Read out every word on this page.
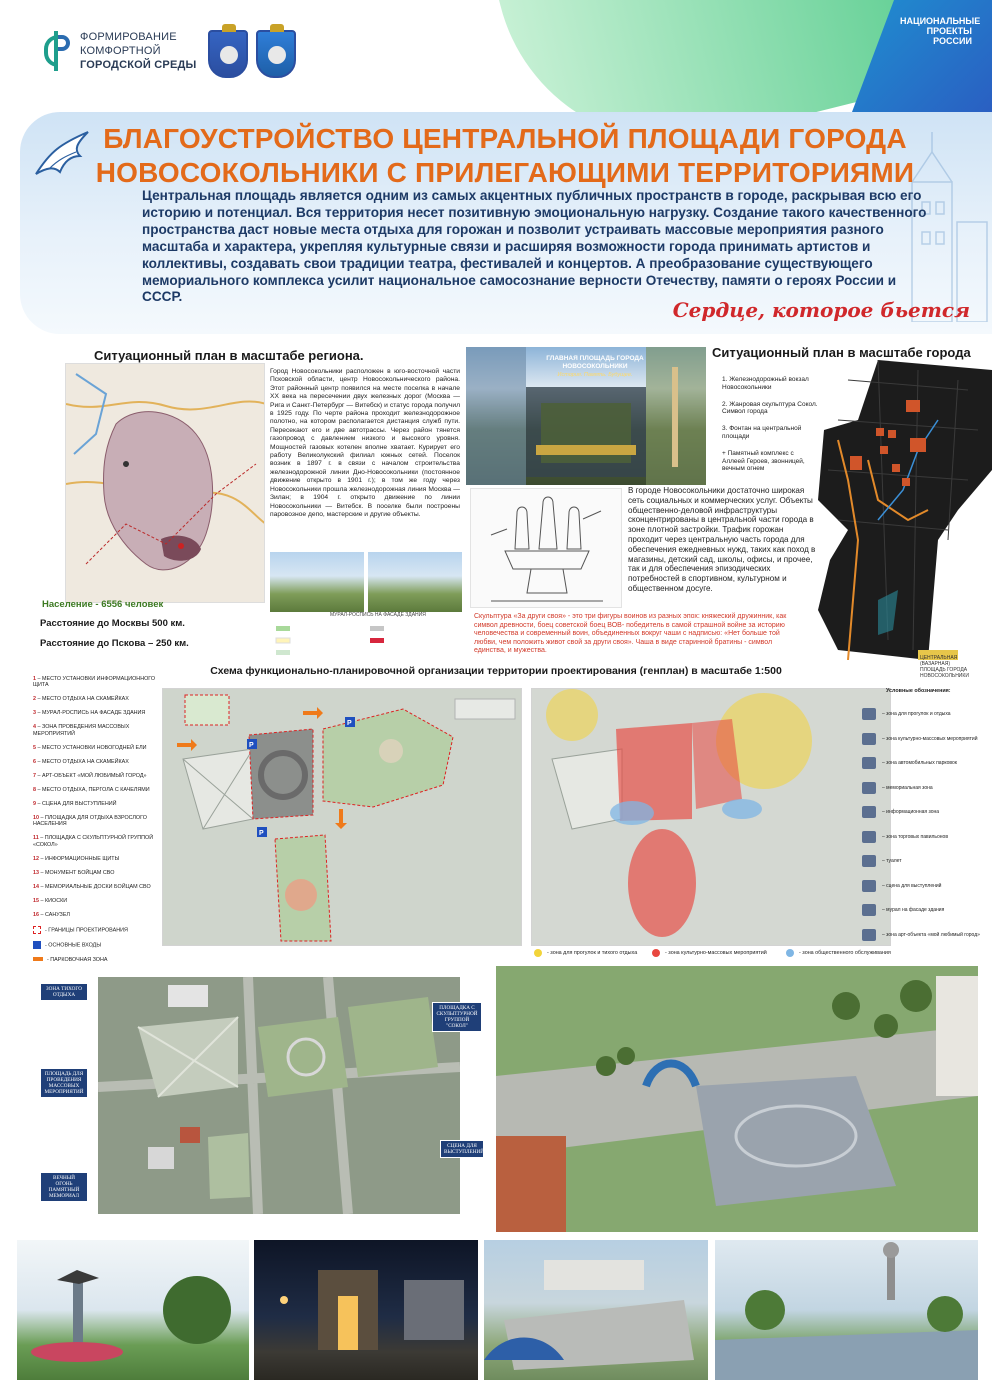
ФОРМИРОВАНИЕ
КОМФОРТНОЙ
ГОРОДСКОЙ СРЕДЫ
НАЦИОНАЛЬНЫЕ
ПРОЕКТЫ
РОССИИ
БЛАГОУСТРОЙСТВО ЦЕНТРАЛЬНОЙ ПЛОЩАДИ ГОРОДА
НОВОСОКОЛЬНИКИ С ПРИЛЕГАЮЩИМИ ТЕРРИТОРИЯМИ
Центральная площадь является одним из самых акцентных публичных пространств в городе, раскрывая всю его историю и потенциал. Вся территория несет позитивную эмоциональную нагрузку. Создание такого качественного пространства даст новые места отдыха для горожан и позволит устраивать массовые мероприятия разного масштаба и характера, укрепляя культурные связи и расширяя возможности города принимать артистов и коллективы, создавать свои традиции театра, фестивалей и концертов. А преобразование существующего мемориального комплекса усилит национальное самосознание верности Отечеству, памяти о героях России и СССР.
Сердце, которое бьется
Ситуационный план в масштабе региона.
Город Новосокольники расположен в юго-восточной части Псковской области, центр Новосокольнического района. Этот районный центр появился на месте поселка в начале XX века на пересечении двух железных дорог (Москва — Рига и Санкт-Петербург — Витебск) и статус города получил в 1925 году. По черте района проходит железнодорожное полотно, на котором располагается дистанция служб пути. Пересекают его и две автотрассы. Через район тянется газопровод с давлением низкого и высокого уровня. Мощностей газовых котелен вполне хватает. Курирует его работу Великолукский филиал южных сетей. Поселок возник в 1897 г. в связи с началом строительства железнодорожной линии Дно-Новосокольники (постоянное движение открыто в 1901 г.); в том же году через Новосокольники прошла железнодорожная линия Москва — Зилан; в 1904 г. открыто движение по линии Новосокольники — Витебск. В поселке были построены паровозное депо, мастерские и другие объекты.
МУРАЛ-РОСПИСЬ НА ФАСАДЕ ЗДАНИЯ
Население - 6556 человек
Расстояние до Москвы 500 км.
Расстояние до Пскова – 250 км.
ГЛАВНАЯ ПЛОЩАДЬ ГОРОДА НОВОСОКОЛЬНИКИ
История. Память. Будущее.
Скульптура «За други своя» - это три фигуры воинов из разных эпох: княжеский дружинник, как символ древности, боец советской боец ВОВ- победитель в самой страшной войне за историю человечества и современный воин, объединенных вокруг чаши с надписью: «Нет больше той любви, чем положить живот свой за други своя». Чаша в виде старинной братины - символ единства, и мужества.
В городе Новосокольники достаточно широкая сеть социальных и коммерческих услуг. Объекты общественно-деловой инфраструктуры сконцентрированы в центральной части города в зоне плотной застройки. Трафик горожан проходит через центральную часть города для обеспечения ежедневных нужд, таких как поход в магазины, детский сад, школы, офисы, и прочее, так и для обеспечения эпизодических потребностей в спортивном, культурном и общественном досуге.
Ситуационный план в масштабе города
1. Железнодорожный вокзал Новосокольники
2. Жанровая скульптура Сокол. Символ города
3. Фонтан на центральной площади
+ Памятный комплекс с Аллеей Героев, звонницей, вечным огнем
ЦЕНТРАЛЬНАЯ (ВАЗАРНАЯ) ПЛОЩАДЬ ГОРОДА НОВОСОКОЛЬНИКИ
Схема функционально-планировочной организации территории проектирования (генплан) в масштабе 1:500
1 – МЕСТО УСТАНОВКИ ИНФОРМАЦИОННОГО ЩИТА
2 – МЕСТО ОТДЫХА НА СКАМЕЙКАХ
3 – МУРАЛ-РОСПИСЬ НА ФАСАДЕ ЗДАНИЯ
4 – ЗОНА ПРОВЕДЕНИЯ МАССОВЫХ МЕРОПРИЯТИЙ
5 – МЕСТО УСТАНОВКИ НОВОГОДНЕЙ ЕЛИ
6 – МЕСТО ОТДЫХА НА СКАМЕЙКАХ
7 – АРТ-ОБЪЕКТ «МОЙ ЛЮБИМЫЙ ГОРОД»
8 – МЕСТО ОТДЫХА, ПЕРГОЛА С КАЧЕЛЯМИ
9 – СЦЕНА ДЛЯ ВЫСТУПЛЕНИЙ
10 – ПЛОЩАДКА ДЛЯ ОТДЫХА ВЗРОСЛОГО НАСЕЛЕНИЯ
11 – ПЛОЩАДКА С СКУЛЬПТУРНОЙ ГРУППОЙ «СОКОЛ»
12 – ИНФОРМАЦИОННЫЕ ЩИТЫ
13 – МОНУМЕНТ БОЙЦАМ СВО
14 – МЕМОРИАЛЬНЫЕ ДОСКИ БОЙЦАМ СВО
15 – КИОСКИ
16 – САНУЗЕЛ
- ГРАНИЦЫ ПРОЕКТИРОВАНИЯ
- ОСНОВНЫЕ ВХОДЫ
- ПАРКОВОЧНАЯ ЗОНА
P
P
P
Условные обозначения:
– зона для прогулок и отдыха
– зона культурно-массовых мероприятий
– зона автомобильных парковок
– мемориальная зона
– информационная зона
– зона торговых павильонов
– туалет
– сцена для выступлений
– мурал на фасаде здания
– зона арт-объекта «мой любимый город»
- зона для прогулок и тихого отдыха	- зона культурно-массовых мероприятий	- зона общественного обслуживания
ЗОНА ТИХОГО ОТДЫХА
ПЛОЩАДЬ ДЛЯ ПРОВЕДЕНИЯ МАССОВЫХ МЕРОПРИЯТИЙ
ВЕЧНЫЙ ОГОНЬ ПАМЯТНЫЙ МЕМОРИАЛ
ПЛОЩАДКА С СКУЛЬПТУРНОЙ ГРУППОЙ "СОКОЛ"
СЦЕНА ДЛЯ ВЫСТУПЛЕНИЙ
